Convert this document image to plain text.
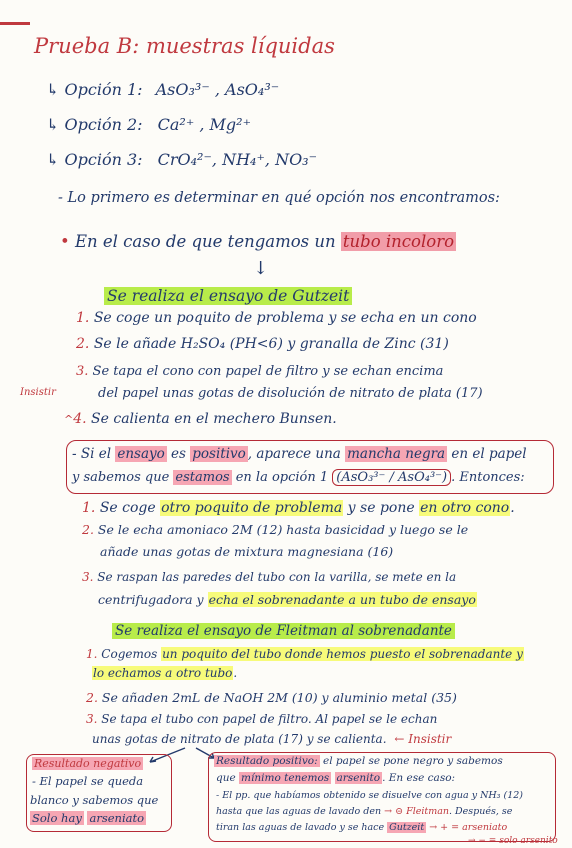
Prueba B: muestras líquidas
↳ Opción 1: AsO₃³⁻ , AsO₄³⁻
↳ Opción 2: Ca²⁺ , Mg²⁺
↳ Opción 3: CrO₄²⁻, NH₄⁺, NO₃⁻
- Lo primero es determinar en qué opción nos encontramos:
• En el caso de que tengamos un tubo incoloro
↓
Se realiza el ensayo de Gutzeit
1. Se coge un poquito de problema y se echa en un cono
2. Se le añade H₂SO₄ (PH<6) y granalla de Zinc (31)
3. Se tapa el cono con papel de filtro y se echan encima
del papel unas gotas de disolución de nitrato de plata (17)
Insistir
^4. Se calienta en el mechero Bunsen.
- Si el ensayo es positivo , aparece una mancha negra en el papel
y sabemos que estamos en la opción 1 (AsO₃³⁻ / AsO₄³⁻) . Entonces:
1. Se coge otro poquito de problema y se pone en otro cono.
2. Se le echa amoniaco 2M (12) hasta basicidad y luego se le
añade unas gotas de mixtura magnesiana (16)
3. Se raspan las paredes del tubo con la varilla, se mete en la
centrifugadora y echa el sobrenadante a un tubo de ensayo
Se realiza el ensayo de Fleitman al sobrenadante
1. Cogemos un poquito del tubo donde hemos puesto el sobrenadante y
lo echamos a otro tubo.
2. Se añaden 2mL de NaOH 2M (10) y aluminio metal (35)
3. Se tapa el tubo con papel de filtro. Al papel se le echan
unas gotas de nitrato de plata (17) y se calienta. ← Insistir
Resultado negativo
- El papel se queda
blanco y sabemos que
Solo hay arseniato
Resultado positivo: el papel se pone negro y sabemos
que mínimo tenemos arsenito . En ese caso:
- El pp. que habíamos obtenido se disuelve con agua y NH₃ (12)
hasta que las aguas de lavado den → ⊝ Fleitman. Después, se
tiran las aguas de lavado y se hace Gutzeit → + = arseniato
→ − = solo arsenito
